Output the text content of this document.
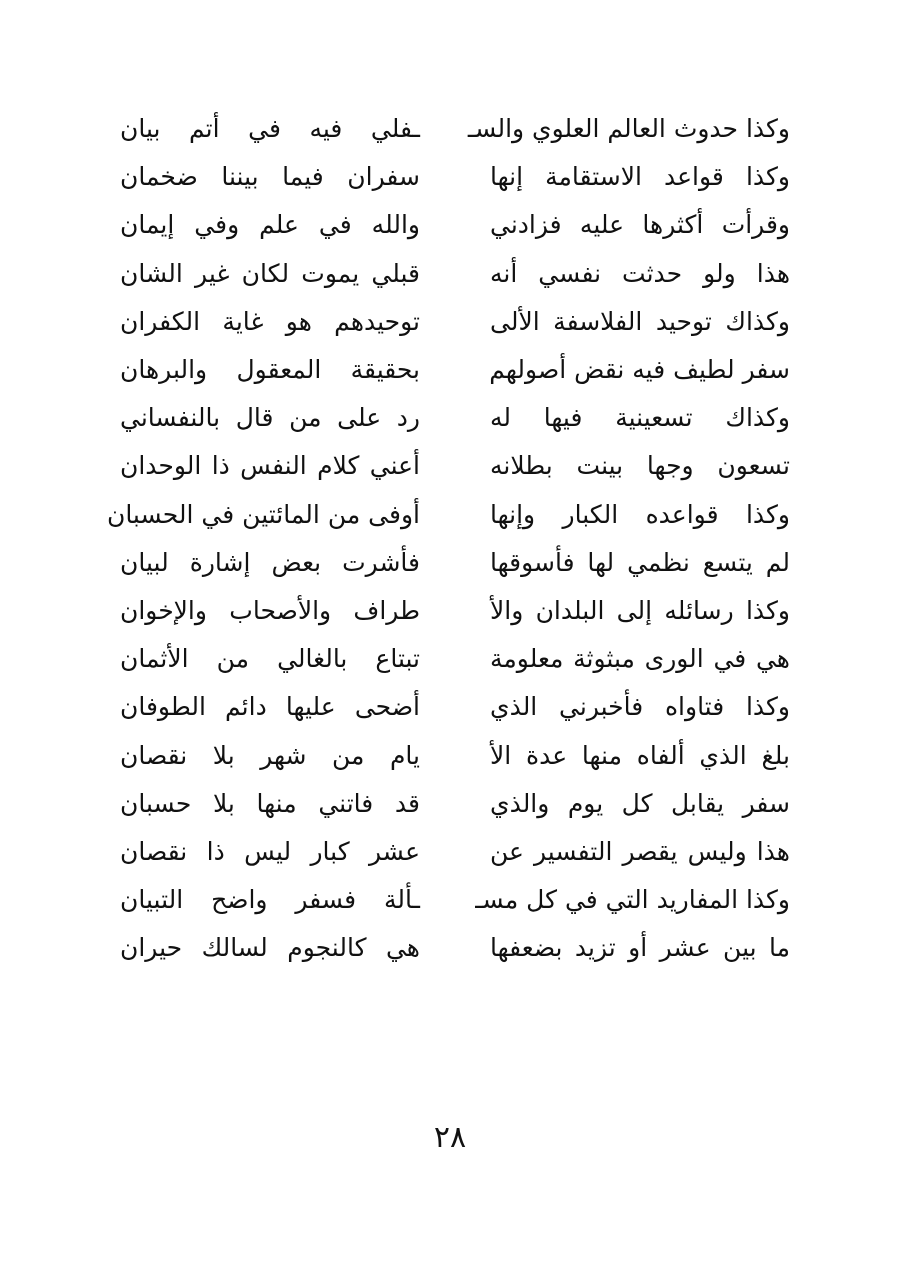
وكذا حدوث العالم العلوي والسـ
ـفلي فيه في أتم بيان
وكذا قواعد الاستقامة إنها
سفران فيما بيننا ضخمان
وقرأت أكثرها عليه فزادني
والله في علم وفي إيمان
هذا ولو حدثت نفسي أنه
قبلي يموت لكان غير الشان
وكذاك توحيد الفلاسفة الألى
توحيدهم هو غاية الكفران
سفر لطيف فيه نقض أصولهم
بحقيقة المعقول والبرهان
وكذاك تسعينية فيها له
رد على من قال بالنفساني
تسعون وجها بينت بطلانه
أعني كلام النفس ذا الوحدان
وكذا قواعده الكبار وإنها
أوفى من المائتين في الحسبان
لم يتسع نظمي لها فأسوقها
فأشرت بعض إشارة لبيان
وكذا رسائله إلى البلدان والأ
طراف والأصحاب والإخوان
هي في الورى مبثوثة معلومة
تبتاع بالغالي من الأثمان
وكذا فتاواه فأخبرني الذي
أضحى عليها دائم الطوفان
بلغ الذي ألفاه منها عدة الأ
يام من شهر بلا نقصان
سفر يقابل كل يوم والذي
قد فاتني منها بلا حسبان
هذا وليس يقصر التفسير عن
عشر كبار ليس ذا نقصان
وكذا المفاريد التي في كل مسـ
ـألة فسفر واضح التبيان
ما بين عشر أو تزيد بضعفها
هي كالنجوم لسالك حيران
٢٨
